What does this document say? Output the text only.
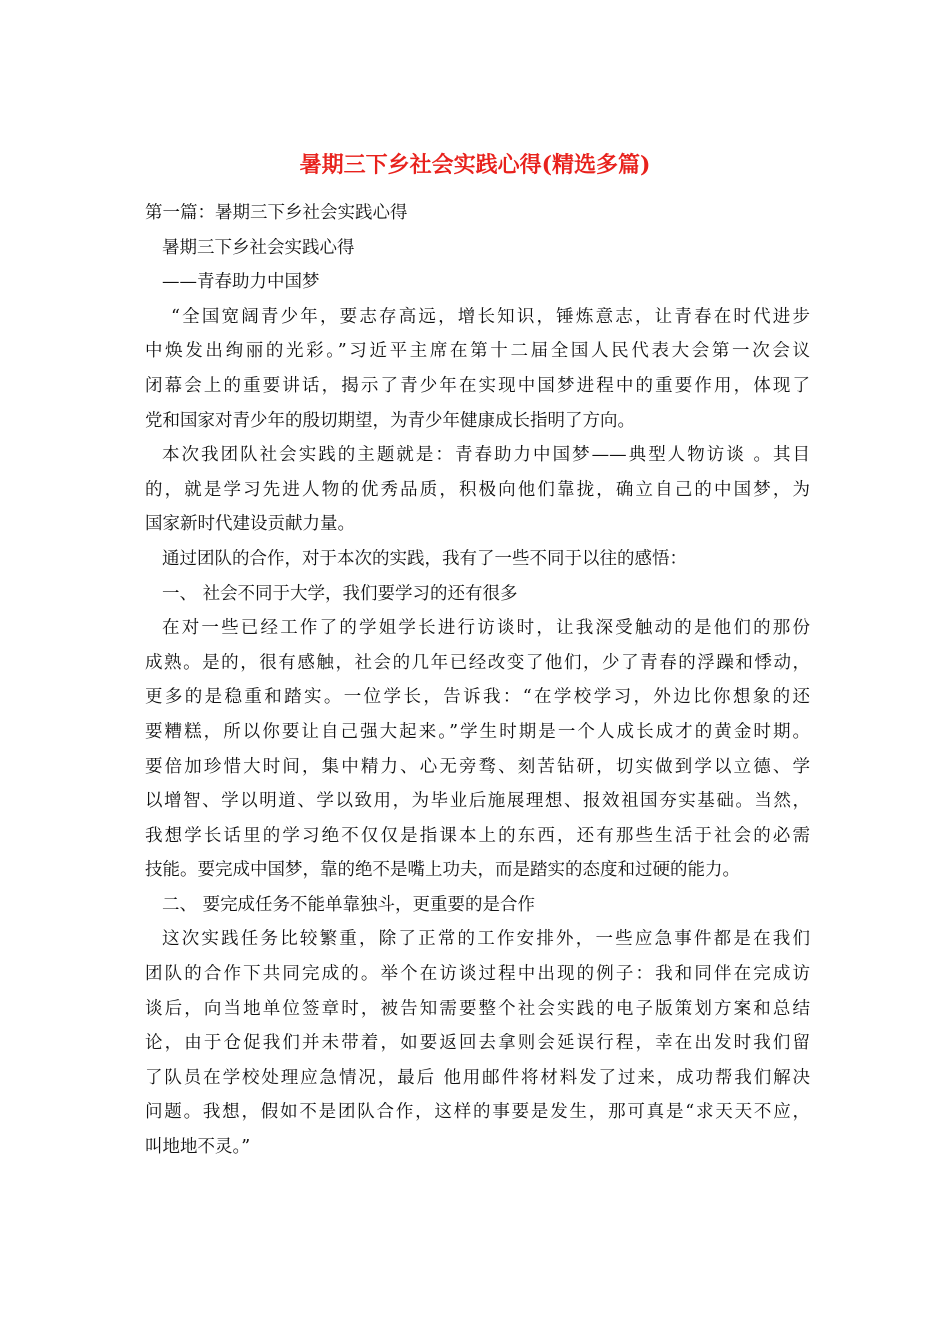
暑期三下乡社会实践心得(精选多篇)
第一篇：暑期三下乡社会实践心得
暑期三下乡社会实践心得
——青春助力中国梦
“全国宽阔青少年，要志存高远，增长知识，锤炼意志，让青春在时代进步
中焕发出绚丽的光彩。”习近平主席在第十二届全国人民代表大会第一次会议
闭幕会上的重要讲话，揭示了青少年在实现中国梦进程中的重要作用，体现了
党和国家对青少年的殷切期望，为青少年健康成长指明了方向。
本次我团队社会实践的主题就是：青春助力中国梦——典型人物访谈 。其目
的，就是学习先进人物的优秀品质，积极向他们靠拢，确立自己的中国梦，为
国家新时代建设贡献力量。
通过团队的合作，对于本次的实践，我有了一些不同于以往的感悟：
一、 社会不同于大学，我们要学习的还有很多
在对一些已经工作了的学姐学长进行访谈时，让我深受触动的是他们的那份
成熟。是的，很有感触，社会的几年已经改变了他们，少了青春的浮躁和悸动，
更多的是稳重和踏实。一位学长，告诉我：“在学校学习，外边比你想象的还
要糟糕，所以你要让自己强大起来。”学生时期是一个人成长成才的黄金时期。
要倍加珍惜大时间，集中精力、心无旁骛、刻苦钻研，切实做到学以立德、学
以增智、学以明道、学以致用，为毕业后施展理想、报效祖国夯实基础。当然，
我想学长话里的学习绝不仅仅是指课本上的东西，还有那些生活于社会的必需
技能。要完成中国梦，靠的绝不是嘴上功夫，而是踏实的态度和过硬的能力。
二、 要完成任务不能单靠独斗，更重要的是合作
这次实践任务比较繁重，除了正常的工作安排外，一些应急事件都是在我们
团队的合作下共同完成的。举个在访谈过程中出现的例子：我和同伴在完成访
谈后，向当地单位签章时，被告知需要整个社会实践的电子版策划方案和总结
论，由于仓促我们并未带着，如要返回去拿则会延误行程，幸在出发时我们留
了队员在学校处理应急情况，最后 他用邮件将材料发了过来，成功帮我们解决
问题。我想，假如不是团队合作，这样的事要是发生，那可真是“求天天不应，
叫地地不灵。”
